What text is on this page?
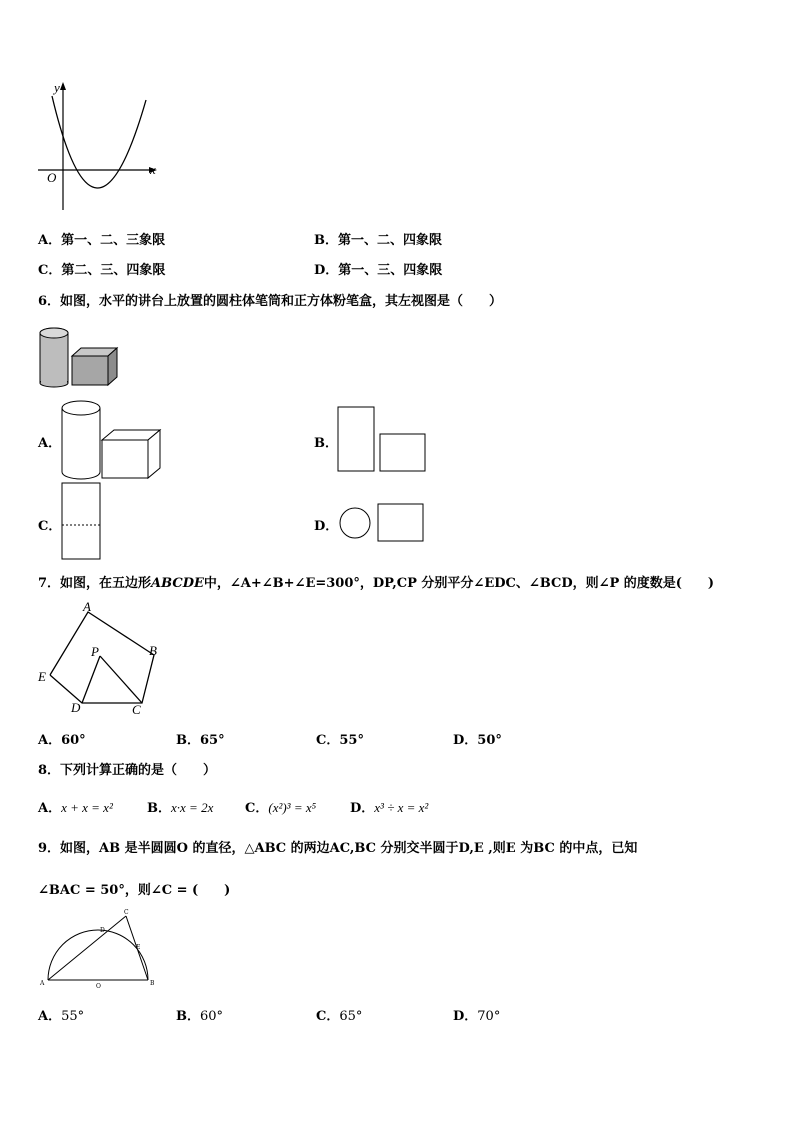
y
x
O
A．第一、二、三象限	B．第一、二、四象限
C．第二、三、四象限	D．第一、三、四象限
6．如图，水平的讲台上放置的圆柱体笔筒和正方体粉笔盒，其左视图是（　　）
A．	B．
C．	D．
7．如图，在五边形ABCDE中，∠A+∠B+∠E=300°，DP,CP 分别平分∠EDC、∠BCD，则∠P 的度数是(　　)
A
B
C
D
E
P
A．60°	B．65°	C．55°	D．50°
8．下列计算正确的是（　　）
A．x + x = x²	B．x·x = 2x C．(x²)³ = x⁵	D．x³ ÷ x = x²
9．如图，AB 是半圆圆O 的直径，△ABC 的两边AC,BC 分别交半圆于D,E ,则E 为BC 的中点，已知
∠BAC = 50°，则∠C = (　　)
A	B
C
D
E
O
A．55°	B．60°	C．65°	D．70°
